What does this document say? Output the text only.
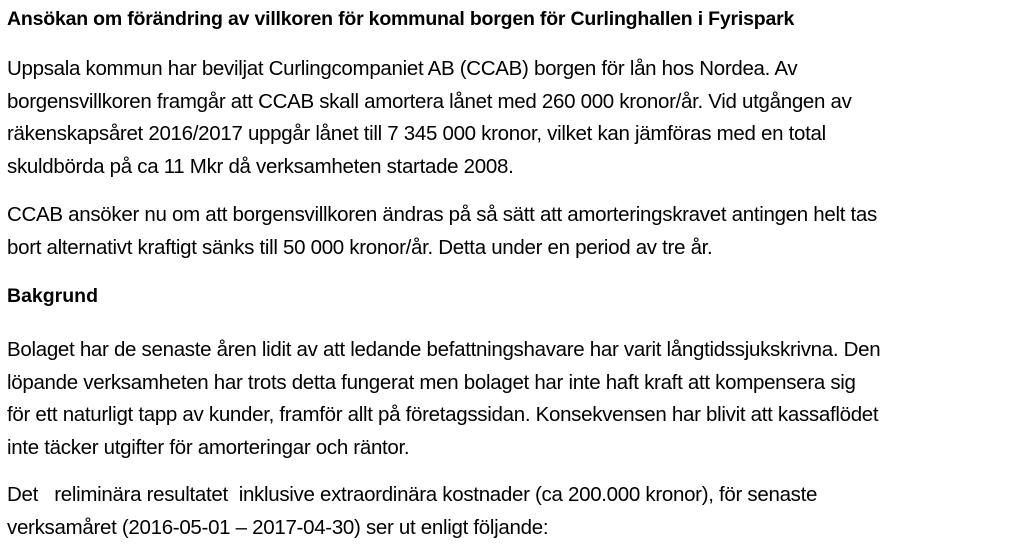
Ansökan om förändring av villkoren för kommunal borgen för Curlinghallen i Fyrispark
Uppsala kommun har beviljat Curlingcompaniet AB (CCAB) borgen för lån hos Nordea. Av
borgensvillkoren framgår att CCAB skall amortera lånet med 260 000 kronor/år. Vid utgången av
räkenskapsåret 2016/2017 uppgår lånet till 7 345 000 kronor, vilket kan jämföras med en total
skuldbörda på ca 11 Mkr då verksamheten startade 2008.
CCAB ansöker nu om att borgensvillkoren ändras på så sätt att amorteringskravet antingen helt tas
bort alternativt kraftigt sänks till 50 000 kronor/år. Detta under en period av tre år.
Bakgrund
Bolaget har de senaste åren lidit av att ledande befattningshavare har varit långtidssjukskrivna. Den
löpande verksamheten har trots detta fungerat men bolaget har inte haft kraft att kompensera sig
för ett naturligt tapp av kunder, framför allt på företagssidan. Konsekvensen har blivit att kassaflödet
inte täcker utgifter för amorteringar och räntor.
Det   reliminära resultatet  inklusive extraordinära kostnader (ca 200.000 kronor), för senaste
verksamåret (2016-05-01 – 2017-04-30) ser ut enligt följande:
